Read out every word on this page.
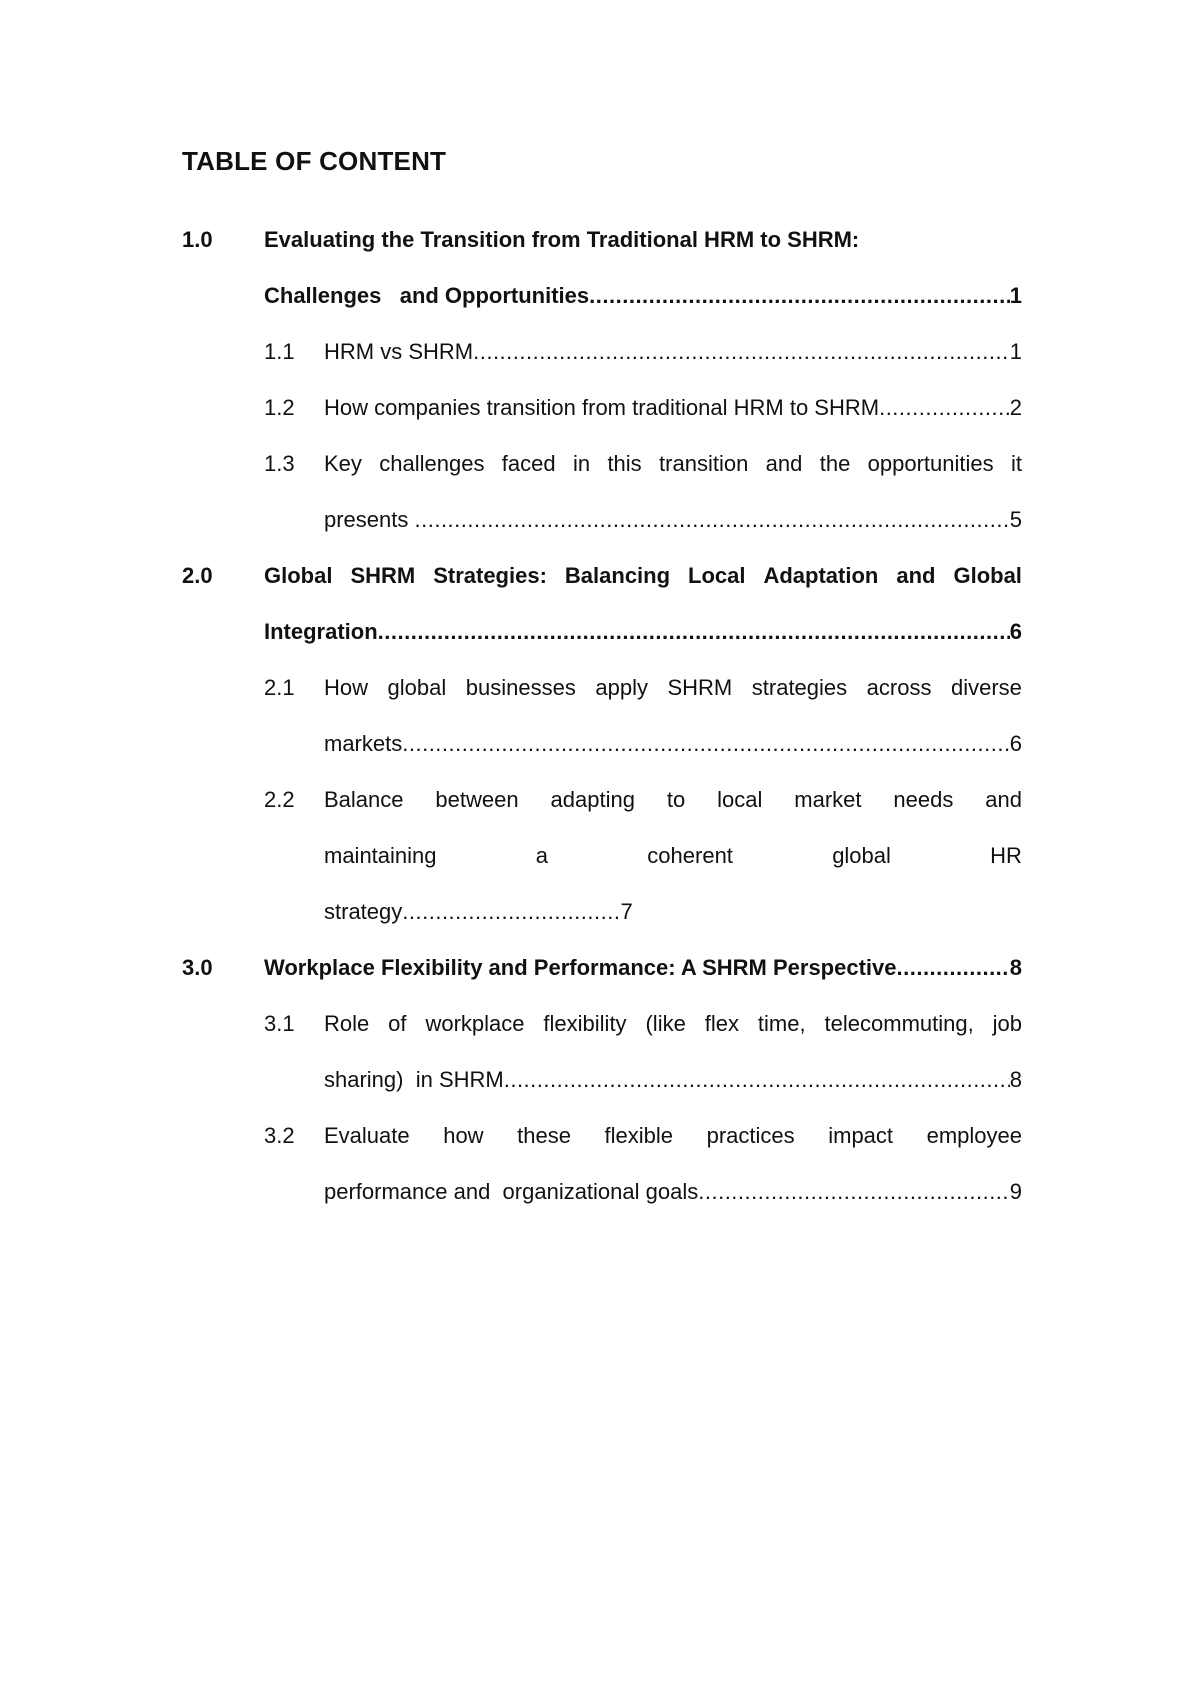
TABLE OF CONTENT
1.0 Evaluating the Transition from Traditional HRM to SHRM:
Challenges   and Opportunities .....	1
1.1 HRM vs SHRM .....	1
1.2 How companies transition from traditional HRM to SHRM .....	2
1.3 Key challenges faced in this transition and the opportunities it
presents .....	5
2.0 Global SHRM Strategies: Balancing Local Adaptation and Global
Integration .....	6
2.1 How global businesses apply SHRM strategies across diverse
markets .....	6
2.2 Balance between adapting to local market needs and
maintaining	a	coherent	global	HR
strategy.................................7
3.0 Workplace Flexibility and Performance: A SHRM Perspective .....	8
3.1 Role of workplace flexibility (like flex time, telecommuting, job
sharing)  in SHRM .....	8
3.2 Evaluate how these flexible practices impact employee
performance and  organizational goals .....	9
